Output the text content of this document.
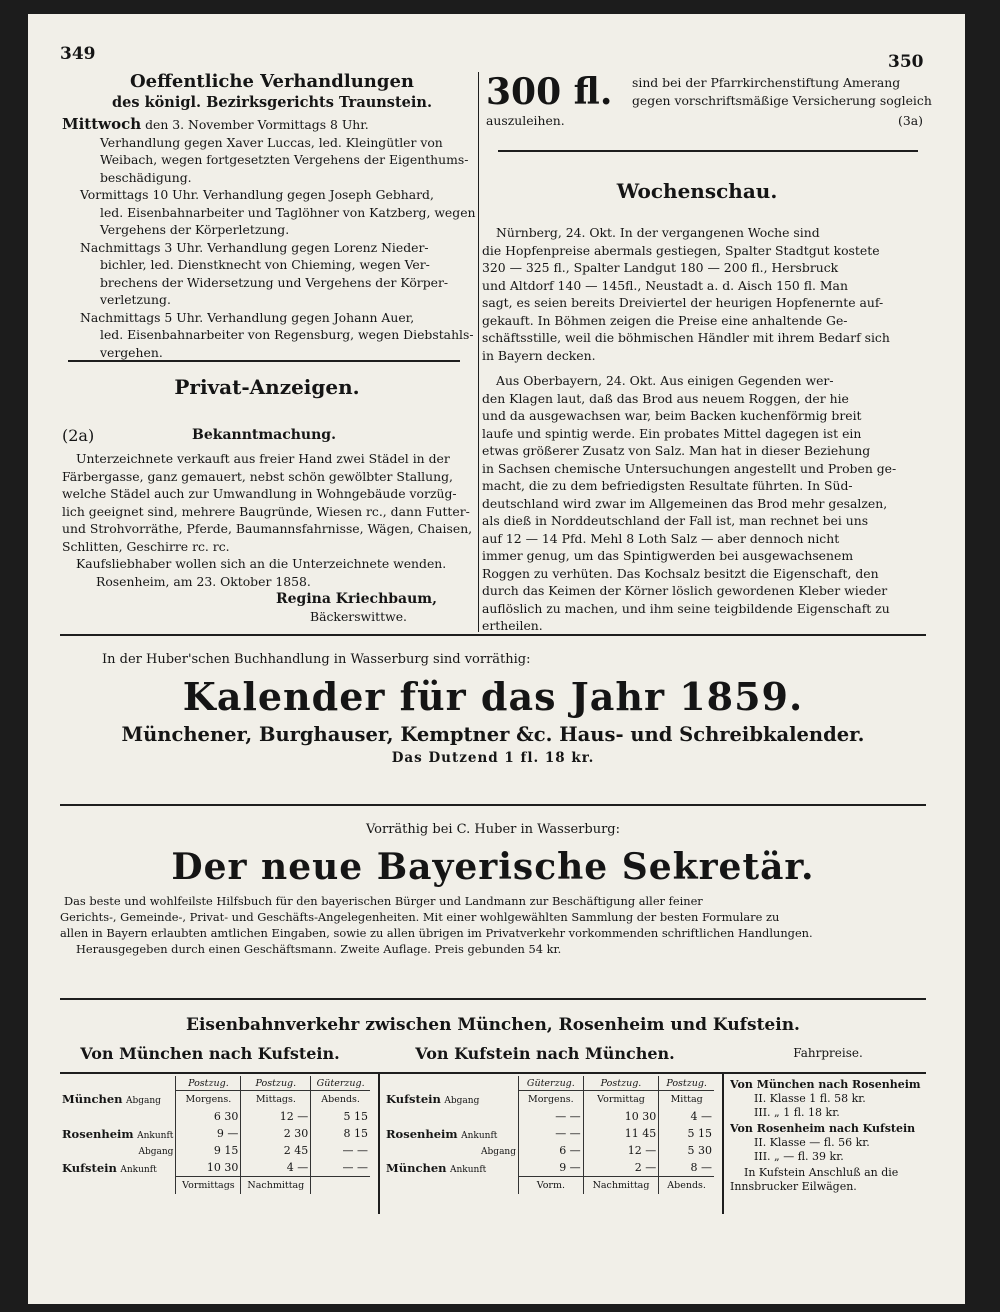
349	350
Oeffentliche Verhandlungen
des königl. Bezirksgerichts Traunstein.
Mittwoch den 3. November Vormittags 8 Uhr.
Verhandlung gegen Xaver Luccas, led. Kleingütler von
Weibach, wegen fortgesetzten Vergehens der Eigenthums-
beschädigung.
Vormittags 10 Uhr. Verhandlung gegen Joseph Gebhard,
led. Eisenbahnarbeiter und Taglöhner von Katzberg, wegen
Vergehens der Körperletzung.
Nachmittags 3 Uhr. Verhandlung gegen Lorenz Nieder-
bichler, led. Dienstknecht von Chieming, wegen Ver-
brechens der Widersetzung und Vergehens der Körper-
verletzung.
Nachmittags 5 Uhr. Verhandlung gegen Johann Auer,
led. Eisenbahnarbeiter von Regensburg, wegen Diebstahls-
vergehen.
Privat-Anzeigen.
(2a)	Bekanntmachung.
Unterzeichnete verkauft aus freier Hand zwei Städel in der
Färbergasse, ganz gemauert, nebst schön gewölbter Stallung,
welche Städel auch zur Umwandlung in Wohngebäude vorzüg-
lich geeignet sind, mehrere Baugründe, Wiesen rc., dann Futter-
und Strohvorräthe, Pferde, Baumannsfahrnisse, Wägen, Chaisen,
Schlitten, Geschirre rc. rc.
Kaufsliebhaber wollen sich an die Unterzeichnete wenden.
Rosenheim, am 23. Oktober 1858.
Regina Kriechbaum,
Bäckerswittwe.
300 fl. sind bei der Pfarrkirchenstiftung Amerang
gegen vorschriftsmäßige Versicherung sogleich
auszuleihen.	(3a)
Wochenschau.
Nürnberg, 24. Okt. In der vergangenen Woche sind
die Hopfenpreise abermals gestiegen, Spalter Stadtgut kostete
320 — 325 fl., Spalter Landgut 180 — 200 fl., Hersbruck
und Altdorf 140 — 145fl., Neustadt a. d. Aisch 150 fl. Man
sagt, es seien bereits Dreiviertel der heurigen Hopfenernte auf-
gekauft. In Böhmen zeigen die Preise eine anhaltende Ge-
schäftsstille, weil die böhmischen Händler mit ihrem Bedarf sich
in Bayern decken.
Aus Oberbayern, 24. Okt. Aus einigen Gegenden wer-
den Klagen laut, daß das Brod aus neuem Roggen, der hie
und da ausgewachsen war, beim Backen kuchenförmig breit
laufe und spintig werde. Ein probates Mittel dagegen ist ein
etwas größerer Zusatz von Salz. Man hat in dieser Beziehung
in Sachsen chemische Untersuchungen angestellt und Proben ge-
macht, die zu dem befriedigsten Resultate führten. In Süd-
deutschland wird zwar im Allgemeinen das Brod mehr gesalzen,
als dieß in Norddeutschland der Fall ist, man rechnet bei uns
auf 12 — 14 Pfd. Mehl 8 Loth Salz — aber dennoch nicht
immer genug, um das Spintigwerden bei ausgewachsenem
Roggen zu verhüten. Das Kochsalz besitzt die Eigenschaft, den
durch das Keimen der Körner löslich gewordenen Kleber wieder
auflöslich zu machen, und ihm seine teigbildende Eigenschaft zu
ertheilen.
In der Huber'schen Buchhandlung in Wasserburg sind vorräthig:
Kalender für das Jahr 1859.
Münchener, Burghauser, Kemptner &c. Haus- und Schreibkalender.
Das Dutzend 1 fl. 18 kr.
Vorräthig bei C. Huber in Wasserburg:
Der neue Bayerische Sekretär.
Das beste und wohlfeilste Hilfsbuch für den bayerischen Bürger und Landmann zur Beschäftigung aller feiner
Gerichts-, Gemeinde-, Privat- und Geschäfts-Angelegenheiten. Mit einer wohlgewählten Sammlung der besten Formulare zu
allen in Bayern erlaubten amtlichen Eingaben, sowie zu allen übrigen im Privatverkehr vorkommenden schriftlichen Handlungen.
Herausgegeben durch einen Geschäftsmann. Zweite Auflage. Preis gebunden 54 kr.
Eisenbahnverkehr zwischen München, Rosenheim und Kufstein.
Von München nach Kufstein.	Von Kufstein nach München.	Fahrpreise.
	Postzug.	Postzug.	Güterzug.
München Abgang	Morgens.	Mittags.	Abends.
	6 30	12 —	5 15
Rosenheim Ankunft	9 —	2 30	8 15
Abgang	9 15	2 45	— —
Kufstein Ankunft	10 30	4 —	— —
	Vormittags	Nachmittag	
	Güterzug.	Postzug.	Postzug.
Kufstein Abgang	Morgens.	Vormittag	Mittag
	— —	10 30	4 —
Rosenheim Ankunft	— —	11 45	5 15
Abgang	6 —	12 —	5 30
München Ankunft	9 —	2 —	8 —
	Vorm.	Nachmittag	Abends.
Von München nach Rosenheim
II. Klasse 1 fl. 58 kr.
III. „ 1 fl. 18 kr.
Von Rosenheim nach Kufstein
II. Klasse — fl. 56 kr.
III. „ — fl. 39 kr.
In Kufstein Anschluß an die
Innsbrucker Eilwägen.
